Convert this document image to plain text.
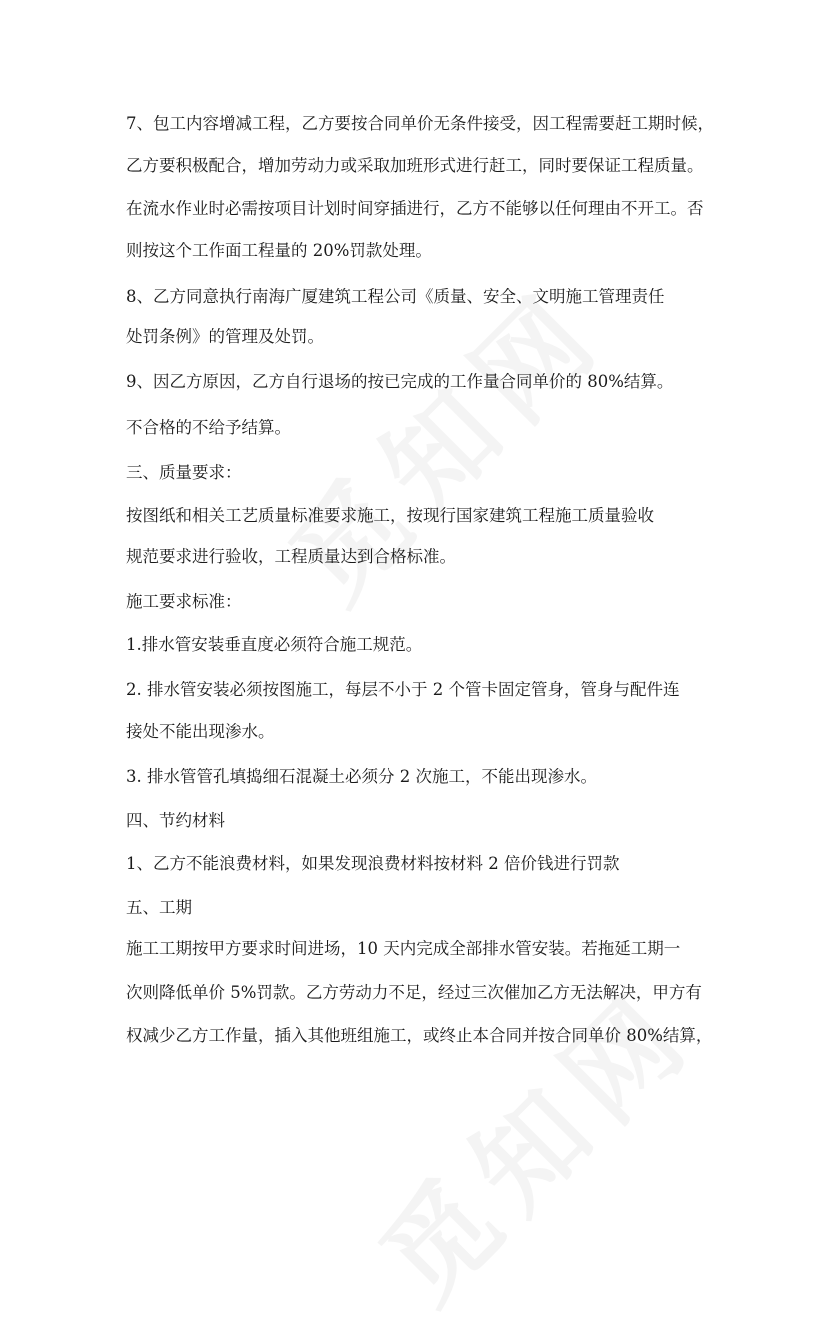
7、包工内容增减工程，乙方要按合同单价无条件接受，因工程需要赶工期时候，
乙方要积极配合，增加劳动力或采取加班形式进行赶工，同时要保证工程质量。
在流水作业时必需按项目计划时间穿插进行，乙方不能够以任何理由不开工。否
则按这个工作面工程量的 20%罚款处理。
8、乙方同意执行南海广厦建筑工程公司《质量、安全、文明施工管理责任
处罚条例》的管理及处罚。
9、因乙方原因，乙方自行退场的按已完成的工作量合同单价的 80%结算。
不合格的不给予结算。
三、质量要求：
按图纸和相关工艺质量标准要求施工，按现行国家建筑工程施工质量验收
规范要求进行验收，工程质量达到合格标准。
施工要求标准：
1.排水管安装垂直度必须符合施工规范。
2. 排水管安装必须按图施工，每层不小于 2 个管卡固定管身，管身与配件连
接处不能出现渗水。
3. 排水管管孔填捣细石混凝土必须分 2 次施工，不能出现渗水。
四、节约材料
1、乙方不能浪费材料，如果发现浪费材料按材料 2 倍价钱进行罚款
五、工期
施工工期按甲方要求时间进场，10 天内完成全部排水管安装。若拖延工期一
次则降低单价 5%罚款。乙方劳动力不足，经过三次催加乙方无法解决，甲方有
权减少乙方工作量，插入其他班组施工，或终止本合同并按合同单价 80%结算，
